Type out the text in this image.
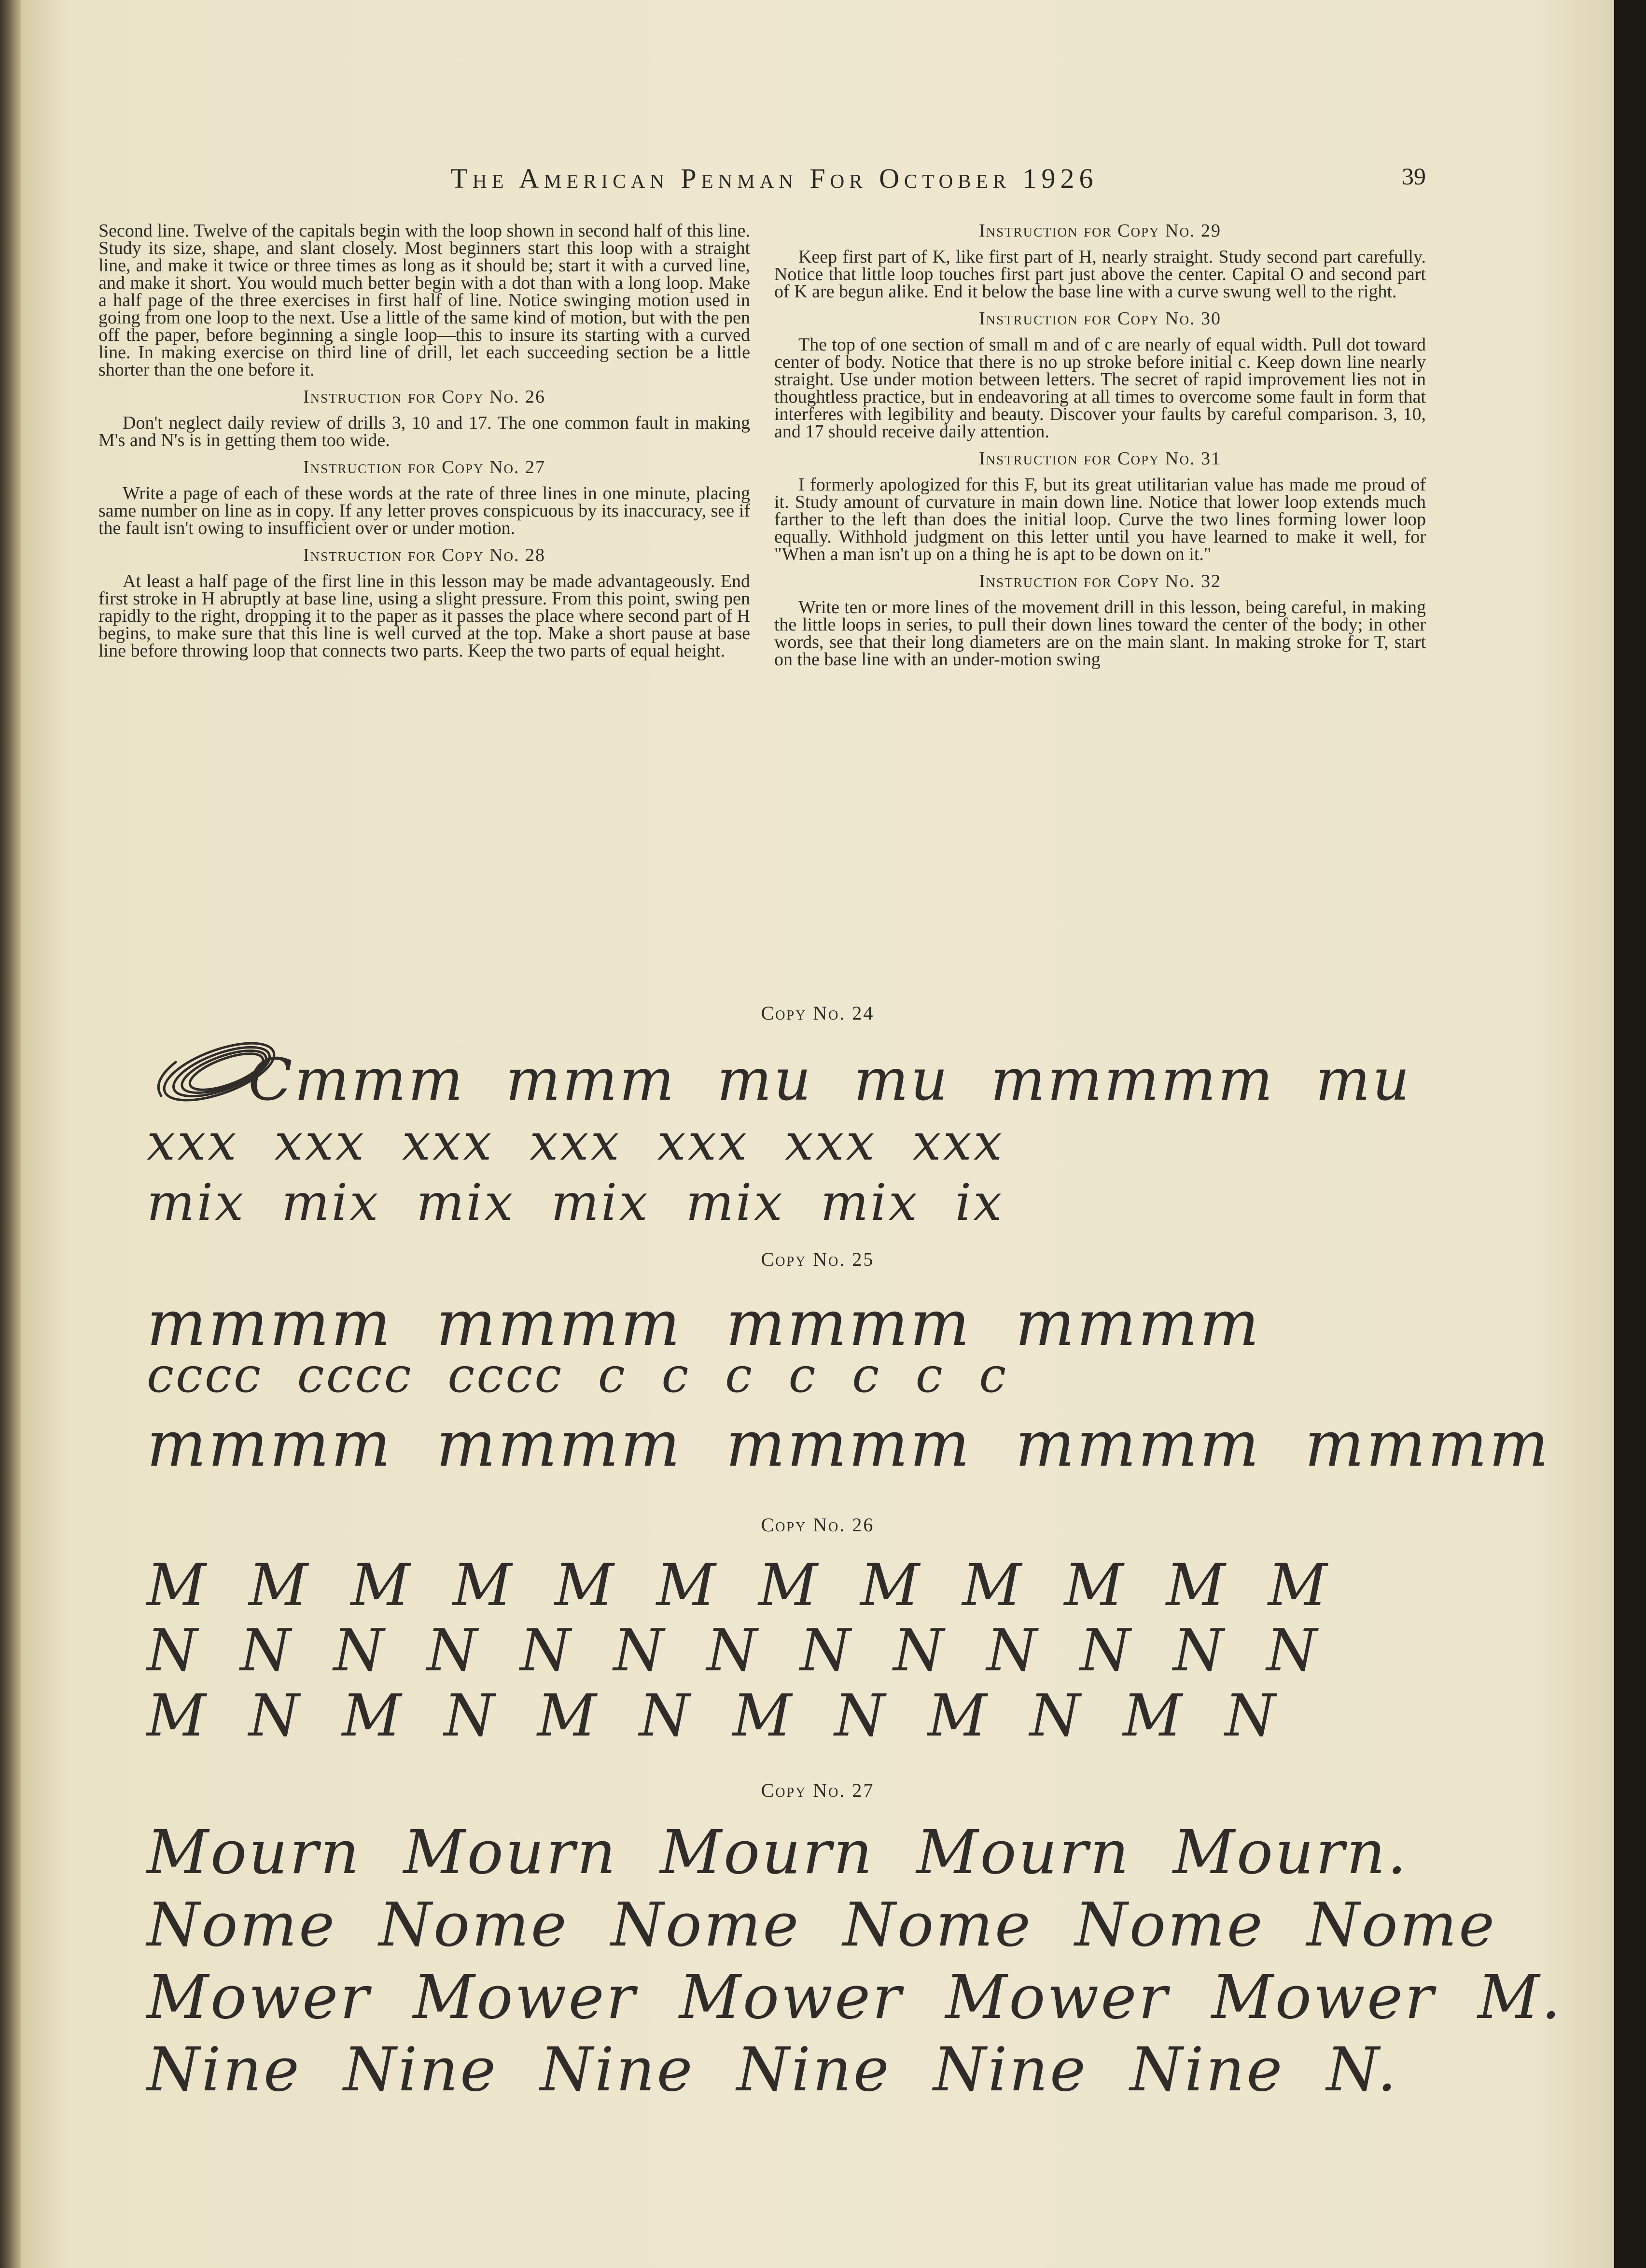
The American Penman For October 1926	39

Second line. Twelve of the capitals begin with the loop shown in second half of this line. Study its size, shape, and slant closely. Most beginners start this loop with a straight line, and make it twice or three times as long as it should be; start it with a curved line, and make it short. You would much better begin with a dot than with a long loop. Make a half page of the three exercises in first half of line. Notice swinging motion used in going from one loop to the next. Use a little of the same kind of motion, but with the pen off the paper, before beginning a single loop—this to insure its starting with a curved line. In making exercise on third line of drill, let each succeeding section be a little shorter than the one before it.

Instruction for Copy No. 26

Don't neglect daily review of drills 3, 10 and 17. The one common fault in making M's and N's is in getting them too wide.

Instruction for Copy No. 27

Write a page of each of these words at the rate of three lines in one minute, placing same number on line as in copy. If any letter proves conspicuous by its inaccuracy, see if the fault isn't owing to insufficient over or under motion.

Instruction for Copy No. 28

At least a half page of the first line in this lesson may be made advantageously. End first stroke in H abruptly at base line, using a slight pressure. From this point, swing pen rapidly to the right, dropping it to the paper as it passes the place where second part of H begins, to make sure that this line is well curved at the top. Make a short pause at base line before throwing loop that connects two parts. Keep the two parts of equal height.

Instruction for Copy No. 29

Keep first part of K, like first part of H, nearly straight. Study second part carefully. Notice that little loop touches first part just above the center. Capital O and second part of K are begun alike. End it below the base line with a curve swung well to the right.

Instruction for Copy No. 30

The top of one section of small m and of c are nearly of equal width. Pull dot toward center of body. Notice that there is no up stroke before initial c. Keep down line nearly straight. Use under motion between letters. The secret of rapid improvement lies not in thoughtless practice, but in endeavoring at all times to overcome some fault in form that interferes with legibility and beauty. Discover your faults by careful comparison. 3, 10, and 17 should receive daily attention.

Instruction for Copy No. 31

I formerly apologized for this F, but its great utilitarian value has made me proud of it. Study amount of curvature in main down line. Notice that lower loop extends much farther to the left than does the initial loop. Curve the two lines forming lower loop equally. Withhold judgment on this letter until you have learned to make it well, for "When a man isn't up on a thing he is apt to be down on it."

Instruction for Copy No. 32

Write ten or more lines of the movement drill in this lesson, being careful, in making the little loops in series, to pull their down lines toward the center of the body; in other words, see that their long diameters are on the main slant. In making stroke for T, start on the base line with an under-motion swing

Copy No. 24
Cmmm  mmm  mu  mu  mmmmm  mu
xxx  xxx  xxx  xxx  xxx  xxx  xxx
mix  mix  mix  mix  mix  mix  ix
Copy No. 25
mmmm  mmmm  mmmm  mmmm
cccc  cccc  cccc  c  c  c  c  c  c  c
mmmm  mmmm  mmmm  mmmm  mmmm
Copy No. 26
M  M  M  M  M  M  M  M  M  M  M  M
N  N  N  N  N  N  N  N  N  N  N  N  N
M  N  M  N  M  N  M  N  M  N  M  N
Copy No. 27
Mourn  Mourn  Mourn  Mourn  Mourn.
Nome  Nome  Nome  Nome  Nome  Nome
Mower  Mower  Mower  Mower  Mower  M.
Nine  Nine  Nine  Nine  Nine  Nine  N.
